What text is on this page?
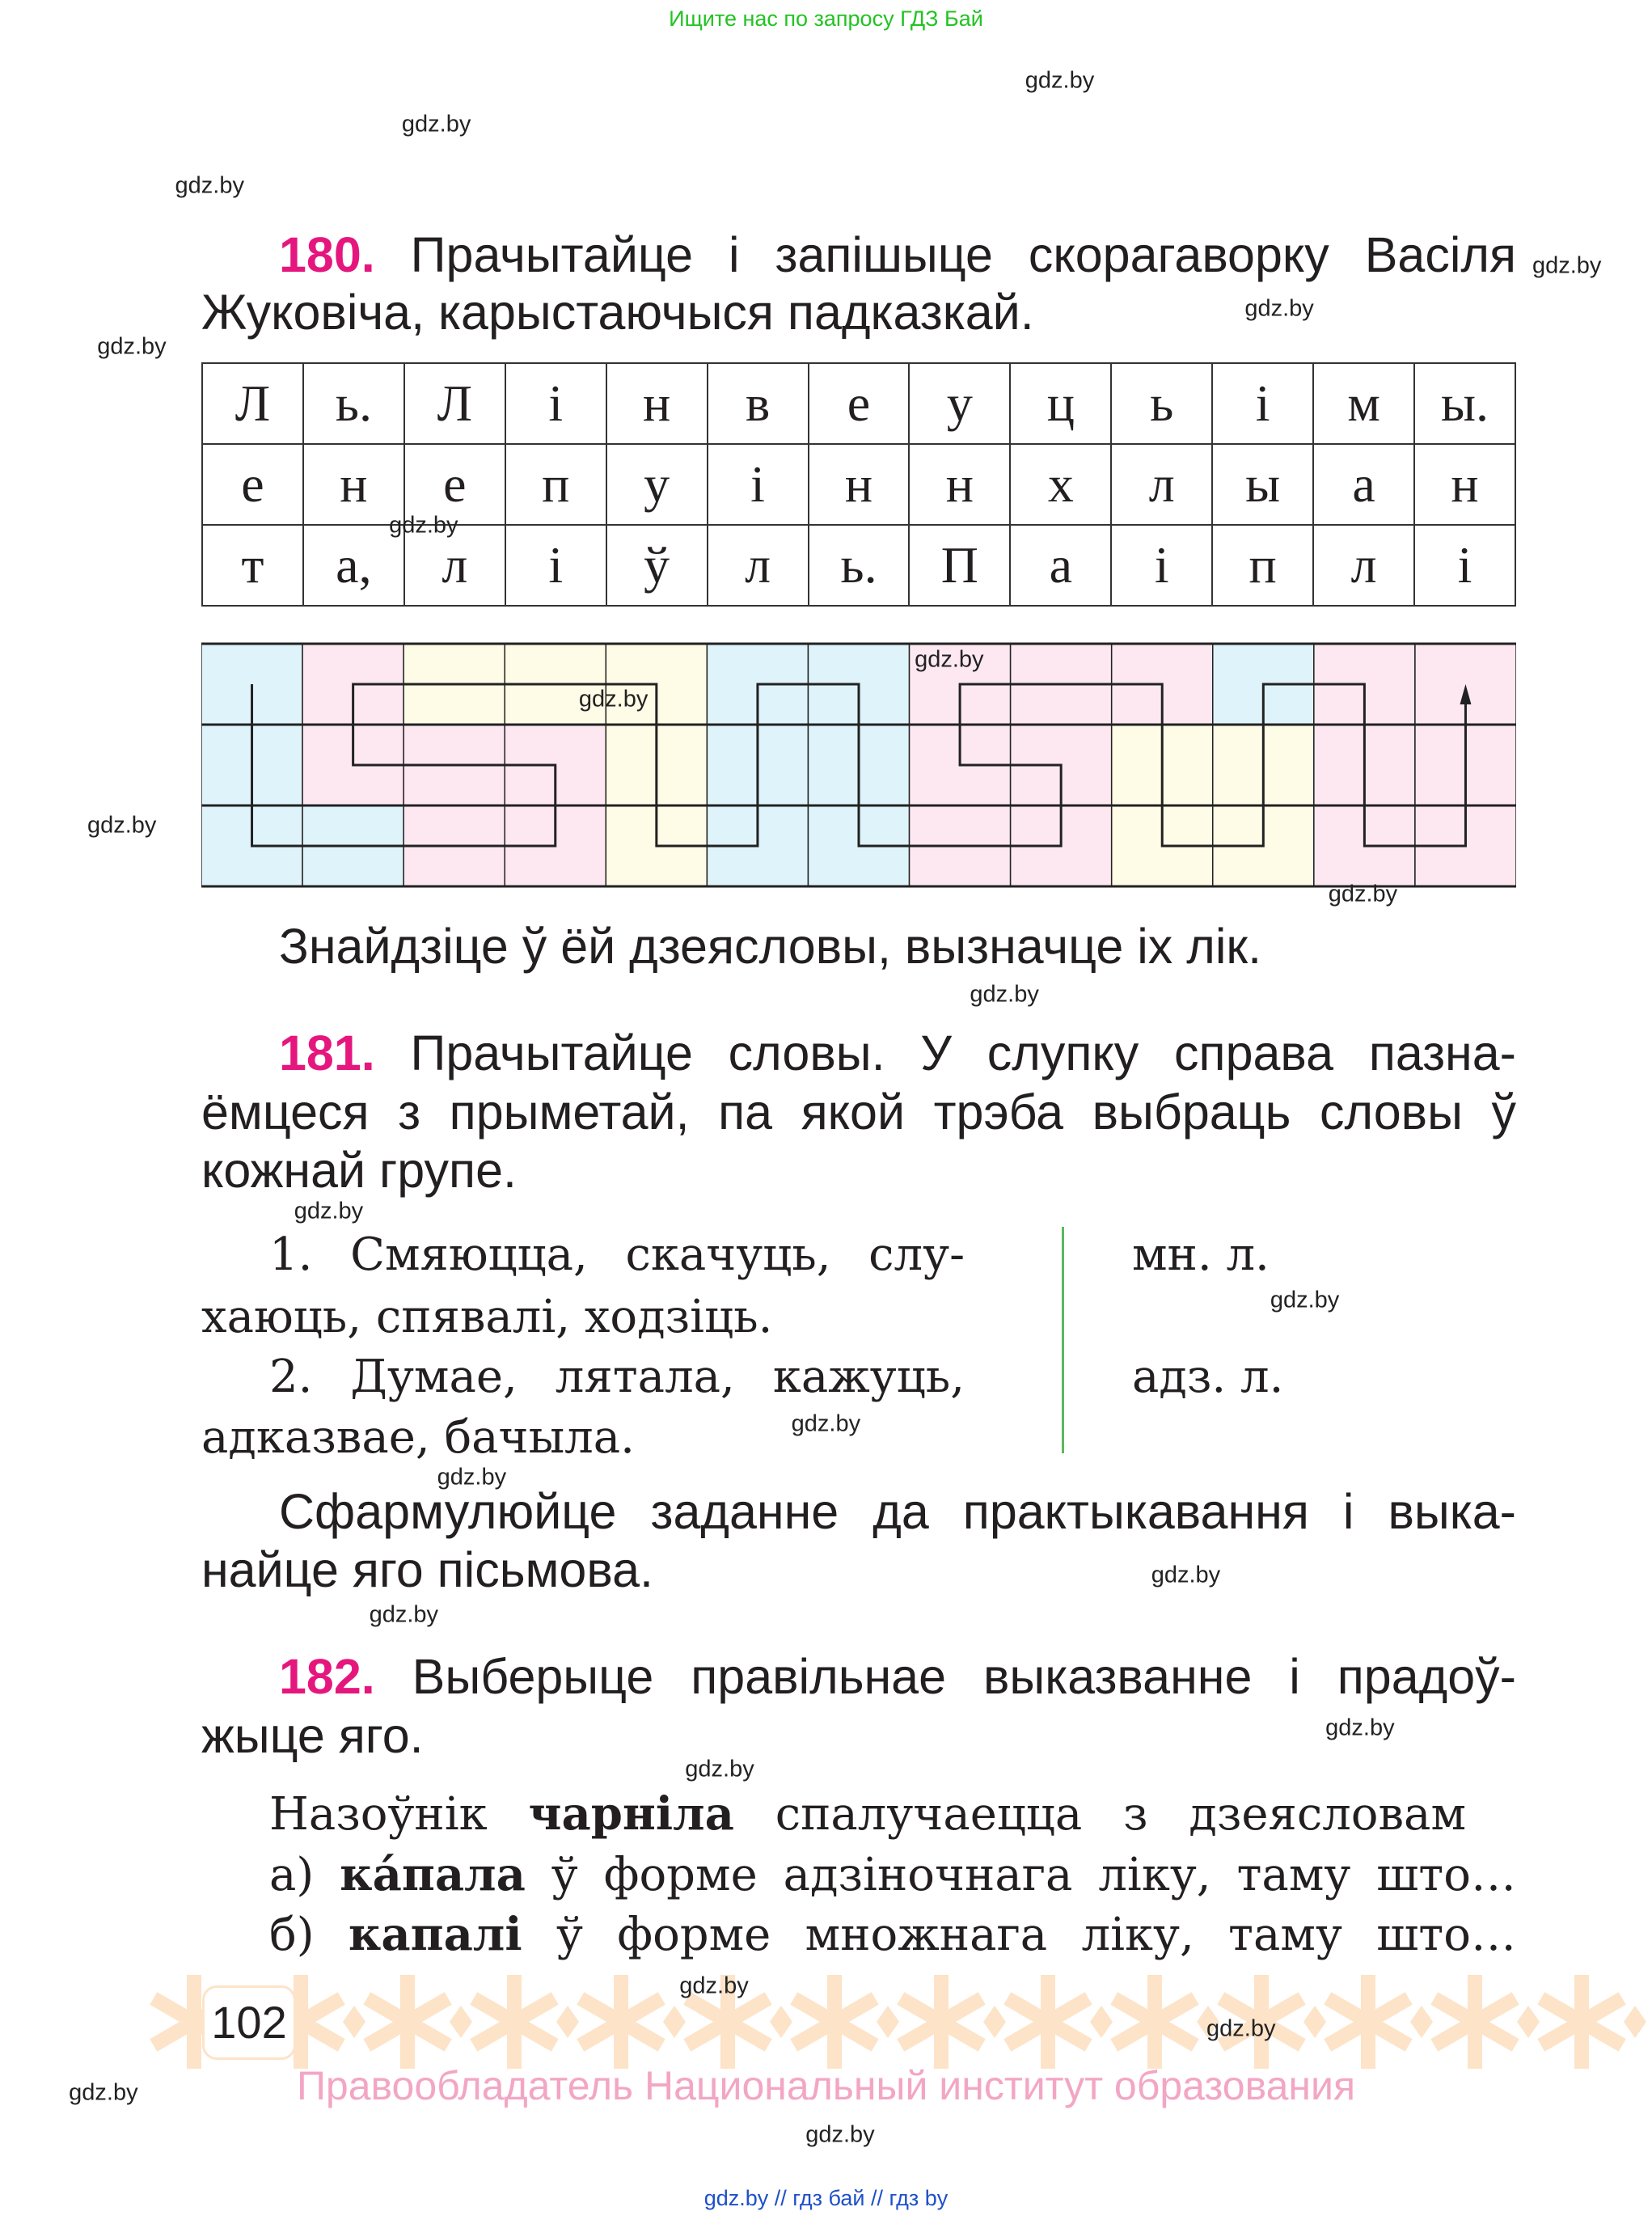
Ищите нас по запросу ГДЗ Бай
180. Прачытайце і запішыце скорагаворку Васіля
Жуковіча, карыстаючыся падказкай.
Л	ь.	Л	і	н	в	е	у	ц	ь	і	м	ы.
е	н	е	п	у	і	н	н	х	л	ы	а	н
т	а,	л	і	ў	л	ь.	П	а	і	п	л	і
Знайдзіце ў ёй дзеясловы, вызначце іх лік.
181. Прачытайце словы. У слупку справа пазна-
ёмцеся з прыметай, па якой трэба выбраць словы ў
кожнай групе.
1. Смяюцца, скачуць, слу-
хаюць, спявалі, ходзіць.
2. Думае, лятала, кажуць,
адказвае, бачыла.
мн. л.
адз. л.
Сфармулюйце заданне да практыкавання і выка-
найце яго пісьмова.
182. Выберыце правільнае выказванне і прадоў-
жыце яго.
Назоўнік чарніла спалучаецца з дзеясловам
а) ка́пала ў форме адзіночнага ліку, таму што…
б) капалі ў форме множнага ліку, таму што…
102
Правообладатель Национальный институт образования
gdz.by // гдз бай // гдз by
gdz.by
gdz.by
gdz.by
gdz.by
gdz.by
gdz.by
gdz.by
gdz.by
gdz.by
gdz.by
gdz.by
gdz.by
gdz.by
gdz.by
gdz.by
gdz.by
gdz.by
gdz.by
gdz.by
gdz.by
gdz.by
gdz.by
gdz.by
gdz.by
